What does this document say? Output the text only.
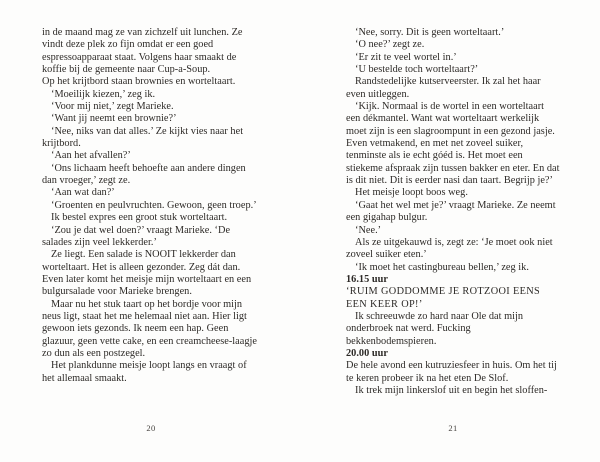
in de maand mag ze van zichzelf uit lunchen. Ze vindt deze plek zo fijn omdat er een goed espressoapparaat staat. Volgens haar smaakt de koffie bij de gemeente naar Cup-a-Soup.

Op het krijtbord staan brownies en worteltaart.

‘Moeilijk kiezen,’ zeg ik.

‘Voor mij niet,’ zegt Marieke.

‘Want jij neemt een brownie?’

‘Nee, niks van dat alles.’ Ze kijkt vies naar het krijtbord.

‘Aan het afvallen?’

‘Ons lichaam heeft behoefte aan andere dingen dan vroeger,’ zegt ze.

‘Aan wat dan?’

‘Groenten en peulvruchten. Gewoon, geen troep.’

Ik bestel expres een groot stuk worteltaart.

‘Zou je dat wel doen?’ vraagt Marieke. ‘De salades zijn veel lekkerder.’

Ze liegt. Een salade is NOOIT lekkerder dan worteltaart. Het is alleen gezonder. Zeg dát dan.

Even later komt het meisje mijn worteltaart en een bulgursalade voor Marieke brengen.

Maar nu het stuk taart op het bordje voor mijn neus ligt, staat het me helemaal niet aan. Hier ligt gewoon iets gezonds. Ik neem een hap. Geen glazuur, geen vette cake, en een creamcheese-laagje zo dun als een postzegel.

Het plankdunne meisje loopt langs en vraagt of het allemaal smaakt.

20

‘Nee, sorry. Dit is geen worteltaart.’

‘O nee?’ zegt ze.

‘Er zit te veel wortel in.’

‘U bestelde toch worteltaart?’

Randstedelijke kutserveerster. Ik zal het haar even uitleggen.

‘Kijk. Normaal is de wortel in een worteltaart een dékmantel. Want wat worteltaart werkelijk moet zijn is een slagroompunt in een gezond jasje. Even vetmakend, en met net zoveel suiker, tenminste als ie echt góéd is. Het moet een stiekeme afspraak zijn tussen bakker en eter. En dat is dit niet. Dit is eerder nasi dan taart. Begrijp je?’

Het meisje loopt boos weg.

‘Gaat het wel met je?’ vraagt Marieke. Ze neemt een gigahap bulgur.

‘Nee.’

Als ze uitgekauwd is, zegt ze: ‘Je moet ook niet zoveel suiker eten.’

‘Ik moet het castingbureau bellen,’ zeg ik.

16.15 uur

‘RUIM GODDOMME JE ROTZOOI EENS EEN KEER OP!’

Ik schreeuwde zo hard naar Ole dat mijn onderbroek nat werd. Fucking bekkenbodemspieren.

20.00 uur

De hele avond een kutruziesfeer in huis. Om het tij te keren probeer ik na het eten De Slof.

Ik trek mijn linkerslof uit en begin het sloffen-

21
